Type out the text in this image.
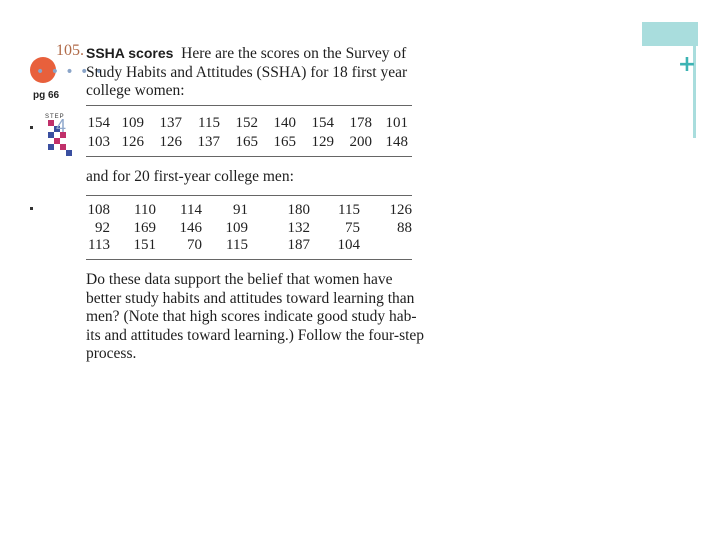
+
• • • • •
pg 66
STEP
4
105. SSHA scores Here are the scores on the Survey of
Study Habits and Attitudes (SSHA) for 18 first year
college women:
154 109 137 115 152 140 154 178 101
103 126 126 137 165 165 129 200 148
and for 20 first-year college men:
108	110	114	91	180	115	126
92	169	146	109	132	75	88
113	151	70	115	187	104
Do these data support the belief that women have
better study habits and attitudes toward learning than
men? (Note that high scores indicate good study hab-
its and attitudes toward learning.) Follow the four-step
process.
